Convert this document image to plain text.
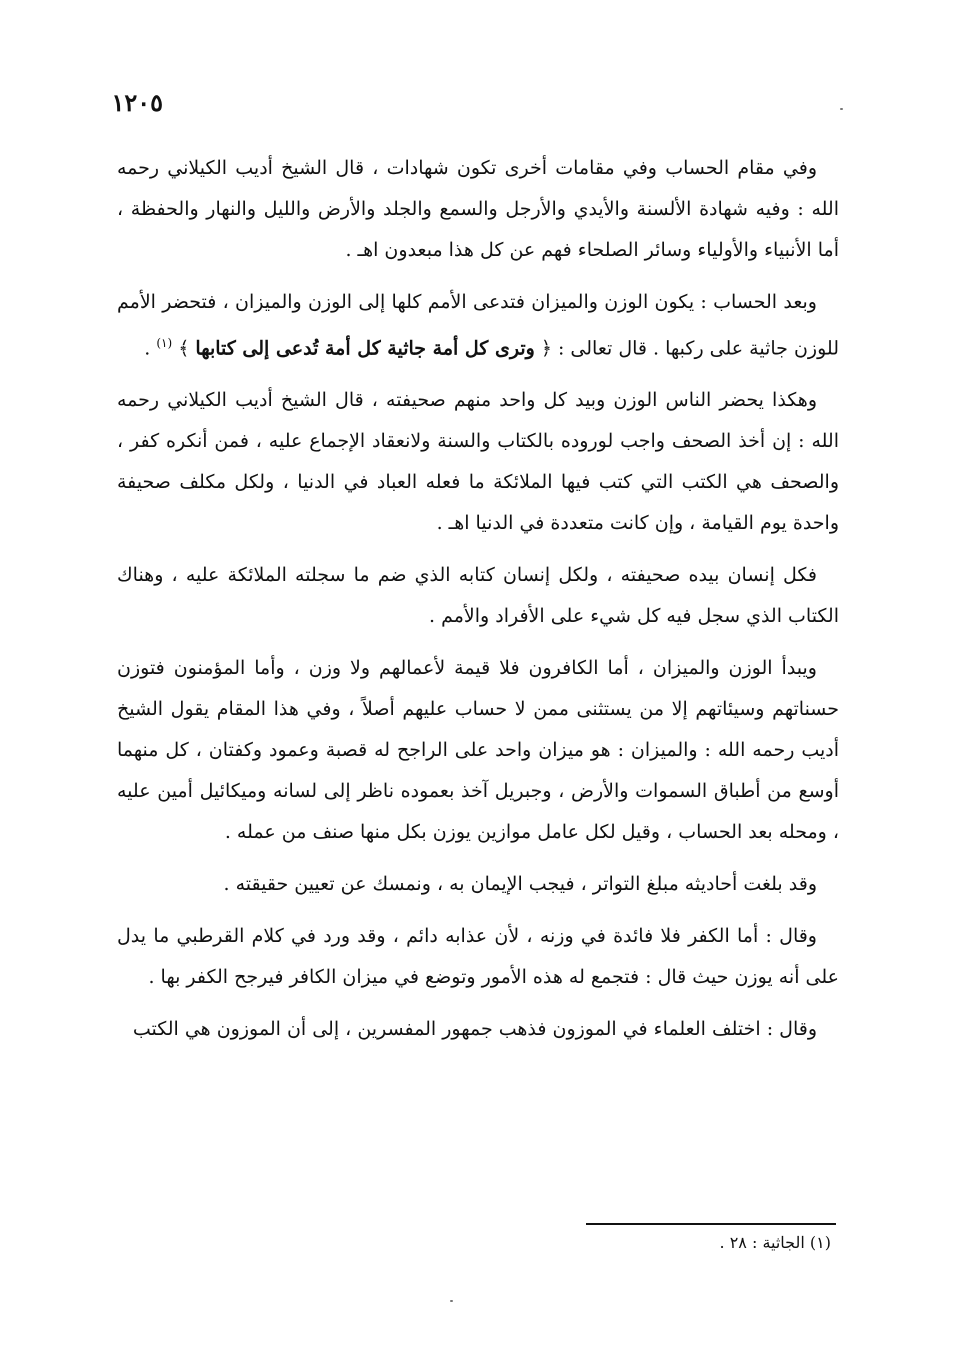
١٢٠٥

وفي مقام الحساب وفي مقامات أخرى تكون شهادات ، قال الشيخ أديب الكيلاني رحمه الله : وفيه شهادة الألسنة والأيدي والأرجل والسمع والجلد والأرض والليل والنهار والحفظة ، أما الأنبياء والأولياء وسائر الصلحاء فهم عن كل هذا مبعدون اهـ .

وبعد الحساب : يكون الوزن والميزان فتدعى الأمم كلها إلى الوزن والميزان ، فتحضر الأمم للوزن جاثية على ركبها . قال تعالى : ﴿ وترى كل أمة جاثية كل أمة تُدعى إلى كتابها ﴾ $^{(١)}$ .

وهكذا يحضر الناس الوزن وبيد كل واحد منهم صحيفته ، قال الشيخ أديب الكيلاني رحمه الله : إن أخذ الصحف واجب لوروده بالكتاب والسنة ولانعقاد الإجماع عليه ، فمن أنكره كفر ، والصحف هي الكتب التي كتب فيها الملائكة ما فعله العباد في الدنيا ، ولكل مكلف صحيفة واحدة يوم القيامة ، وإن كانت متعددة في الدنيا اهـ .

فكل إنسان بيده صحيفته ، ولكل إنسان كتابه الذي ضم ما سجلته الملائكة عليه ، وهناك الكتاب الذي سجل فيه كل شيء على الأفراد والأمم .

ويبدأ الوزن والميزان ، أما الكافرون فلا قيمة لأعمالهم ولا وزن ، وأما المؤمنون فتوزن حسناتهم وسيئاتهم إلا من يستثنى ممن لا حساب عليهم أصلاً ، وفي هذا المقام يقول الشيخ أديب رحمه الله : والميزان : هو ميزان واحد على الراجح له قصبة وعمود وكفتان ، كل منهما أوسع من أطباق السموات والأرض ، وجبريل آخذ بعموده ناظر إلى لسانه وميكائيل أمين عليه ، ومحله بعد الحساب ، وقيل لكل عامل موازين يوزن بكل منها صنف من عمله .

وقد بلغت أحاديثه مبلغ التواتر ، فيجب الإيمان به ، ونمسك عن تعيين حقيقته .

وقال : أما الكفر فلا فائدة في وزنه ، لأن عذابه دائم ، وقد ورد في كلام القرطبي ما يدل على أنه يوزن حيث قال : فتجمع له هذه الأمور وتوضع في ميزان الكافر فيرجح الكفر بها .

وقال : اختلف العلماء في الموزون فذهب جمهور المفسرين ، إلى أن الموزون هي الكتب

(١) الجاثية : ٢٨ .
